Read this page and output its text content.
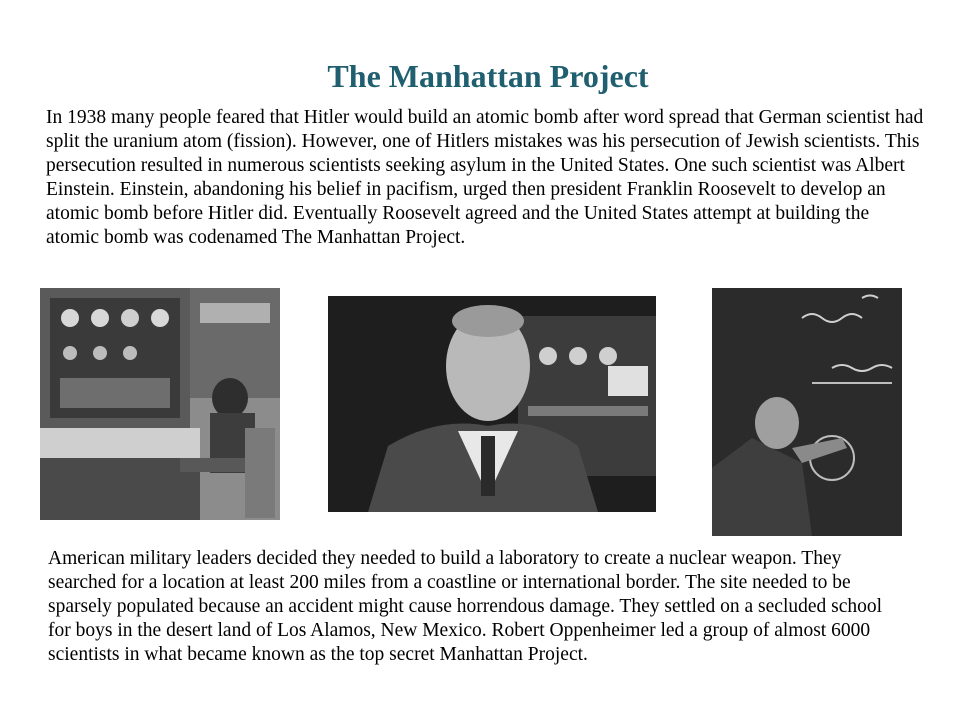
The Manhattan Project

In 1938 many people feared that Hitler would build an atomic bomb after word spread that German scientist had split the uranium atom (fission). However, one of Hitlers mistakes was his persecution of Jewish scientists. This persecution resulted in numerous scientists seeking asylum in the United States. One such scientist was Albert Einstein. Einstein, abandoning his belief in pacifism, urged then president Franklin Roosevelt to develop an atomic bomb before Hitler did. Eventually Roosevelt agreed and the United States attempt at building the atomic bomb was codenamed The Manhattan Project.

American military leaders decided they needed to build a laboratory to create a nuclear weapon. They searched for a location at least 200 miles from a coastline or international border. The site needed to be sparsely populated because an accident might cause horrendous damage. They settled on a secluded school for boys in the desert land of Los Alamos, New Mexico. Robert Oppenheimer led a group of almost 6000 scientists in what became known as the top secret Manhattan Project.
